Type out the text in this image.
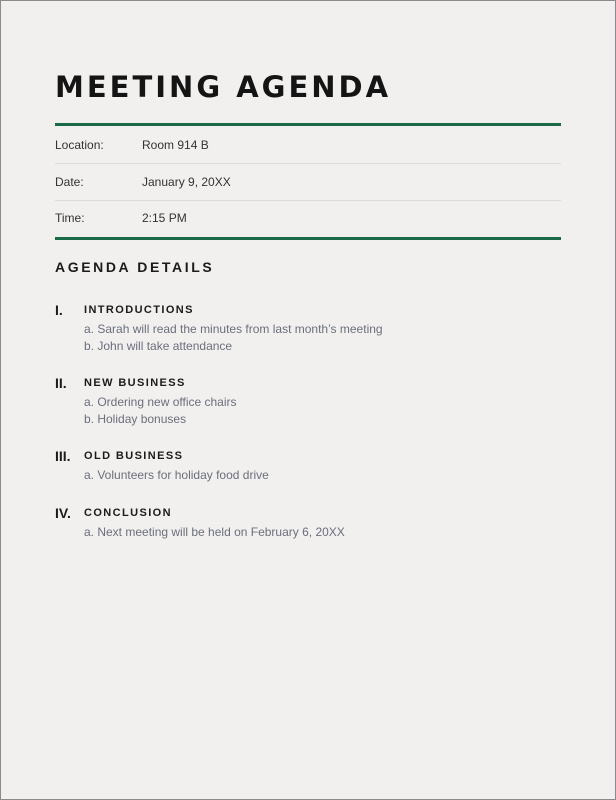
MEETING AGENDA
Location:	Room 914 B
Date:	January 9, 20XX
Time:	2:15 PM
AGENDA DETAILS
I. INTRODUCTIONS
a. Sarah will read the minutes from last month’s meeting
b. John will take attendance
II. NEW BUSINESS
a. Ordering new office chairs
b. Holiday bonuses
III. OLD BUSINESS
a. Volunteers for holiday food drive
IV. CONCLUSION
a. Next meeting will be held on February 6, 20XX
